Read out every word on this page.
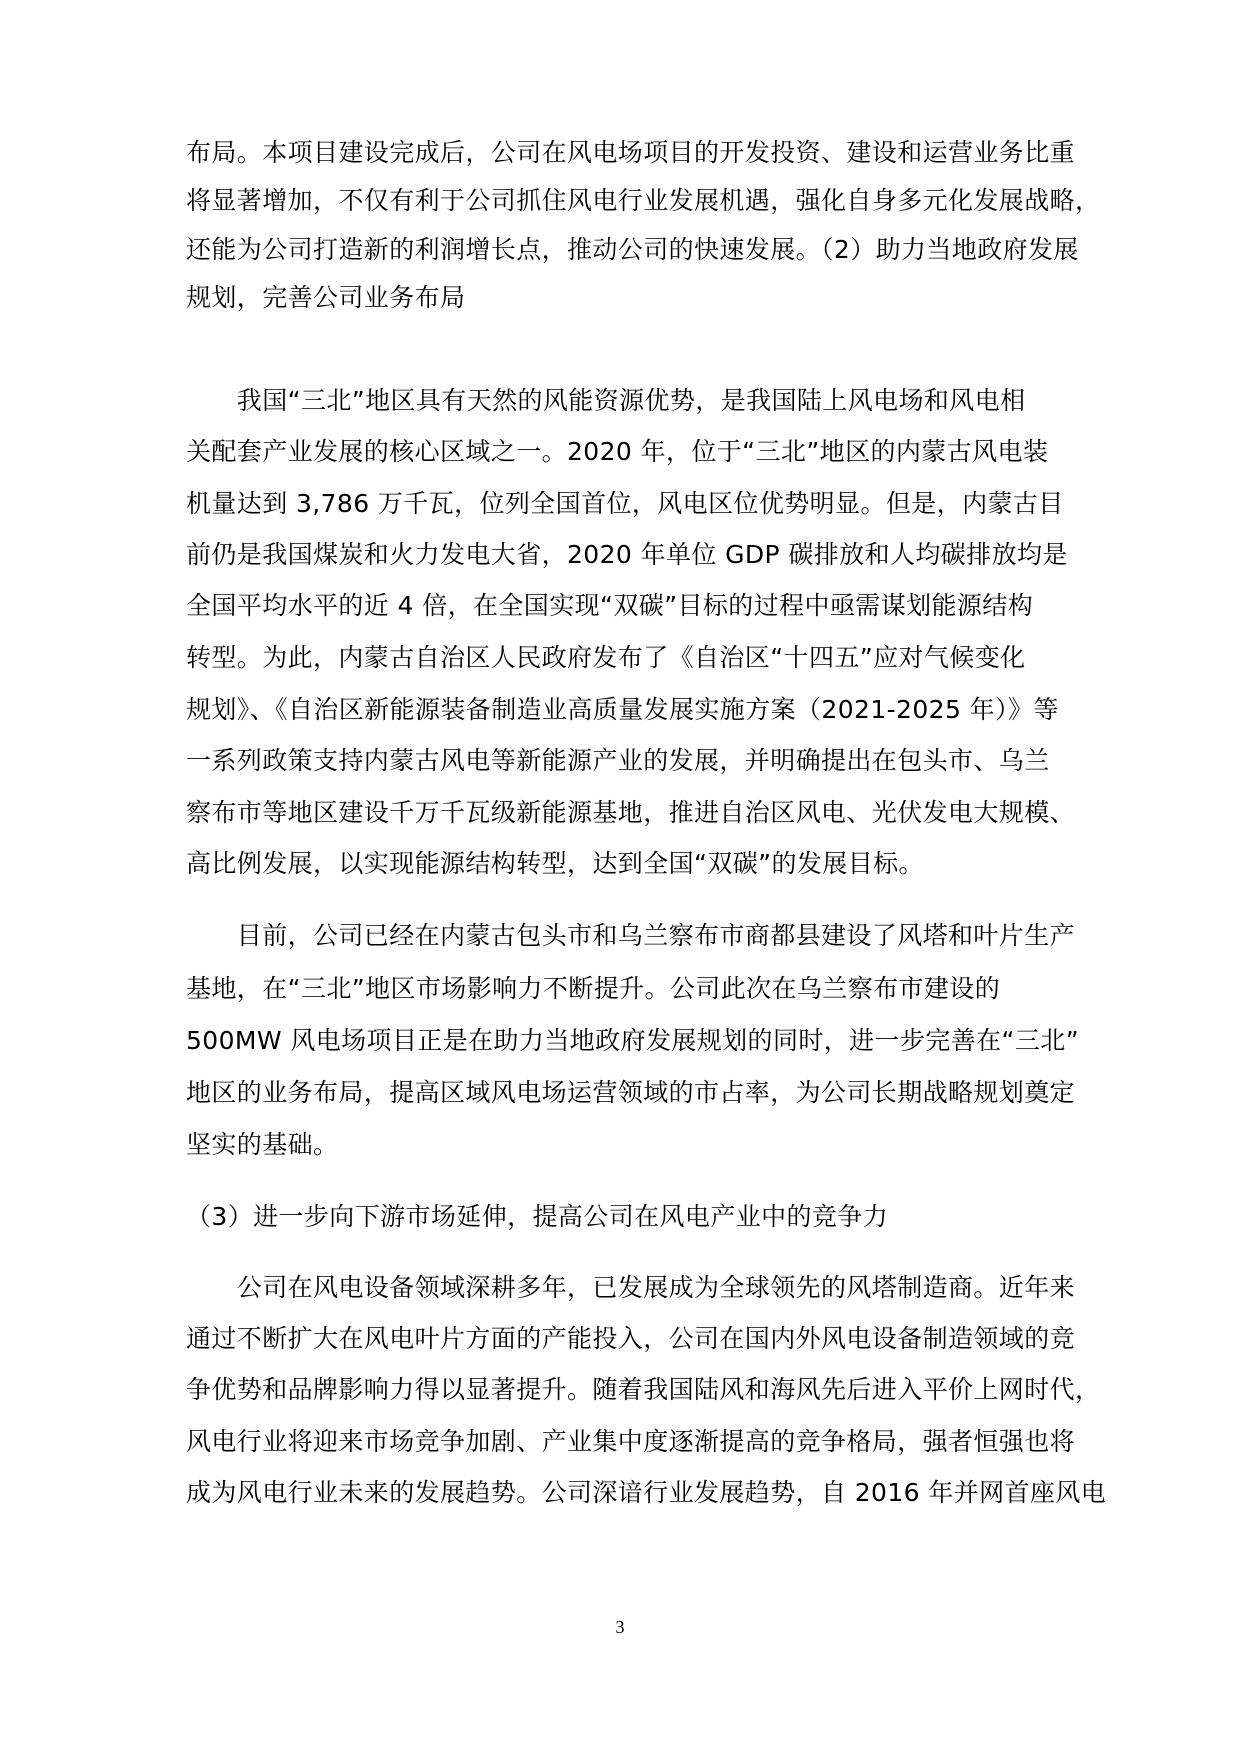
布局。本项目建设完成后，公司在风电场项目的开发投资、建设和运营业务比重
将显著增加，不仅有利于公司抓住风电行业发展机遇，强化自身多元化发展战略，
还能为公司打造新的利润增长点，推动公司的快速发展。（2）助力当地政府发展
规划，完善公司业务布局
　　我国“三北”地区具有天然的风能资源优势，是我国陆上风电场和风电相
关配套产业发展的核心区域之一。2020 年，位于“三北”地区的内蒙古风电装
机量达到 3,786 万千瓦，位列全国首位，风电区位优势明显。但是，内蒙古目
前仍是我国煤炭和火力发电大省，2020 年单位 GDP 碳排放和人均碳排放均是
全国平均水平的近 4 倍，在全国实现“双碳”目标的过程中亟需谋划能源结构
转型。为此，内蒙古自治区人民政府发布了《自治区“十四五”应对气候变化
规划》、《自治区新能源装备制造业高质量发展实施方案（2021-2025 年）》等
一系列政策支持内蒙古风电等新能源产业的发展，并明确提出在包头市、乌兰
察布市等地区建设千万千瓦级新能源基地，推进自治区风电、光伏发电大规模、
高比例发展，以实现能源结构转型，达到全国“双碳”的发展目标。
　　目前，公司已经在内蒙古包头市和乌兰察布市商都县建设了风塔和叶片生产
基地，在“三北”地区市场影响力不断提升。公司此次在乌兰察布市建设的
500MW 风电场项目正是在助力当地政府发展规划的同时，进一步完善在“三北”
地区的业务布局，提高区域风电场运营领域的市占率，为公司长期战略规划奠定
坚实的基础。
（3）进一步向下游市场延伸，提高公司在风电产业中的竞争力
　　公司在风电设备领域深耕多年，已发展成为全球领先的风塔制造商。近年来
通过不断扩大在风电叶片方面的产能投入，公司在国内外风电设备制造领域的竞
争优势和品牌影响力得以显著提升。随着我国陆风和海风先后进入平价上网时代，
风电行业将迎来市场竞争加剧、产业集中度逐渐提高的竞争格局，强者恒强也将
成为风电行业未来的发展趋势。公司深谙行业发展趋势，自 2016 年并网首座风电
3
